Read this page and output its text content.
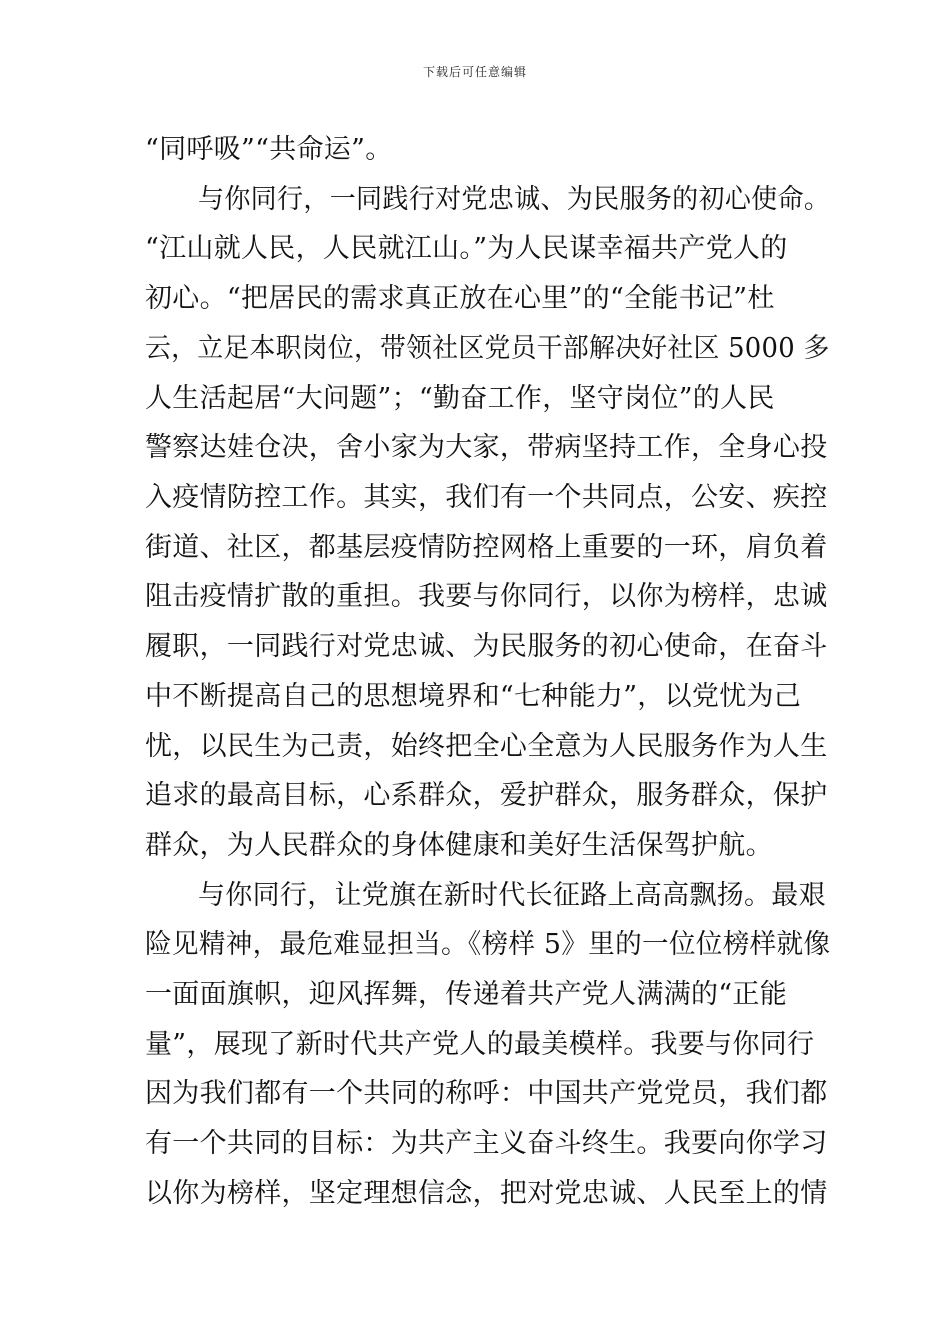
下载后可任意编辑
“同呼吸”“共命运”。
与你同行，一同践行对党忠诚、为民服务的初心使命。
“江山就人民，人民就江山。”为人民谋幸福共产党人的
初心。“把居民的需求真正放在心里”的“全能书记”杜
云，立足本职岗位，带领社区党员干部解决好社区 5000 多
人生活起居“大问题”；“勤奋工作，坚守岗位”的人民
警察达娃仓决，舍小家为大家，带病坚持工作，全身心投
入疫情防控工作。其实，我们有一个共同点，公安、疾控
街道、社区，都基层疫情防控网格上重要的一环，肩负着
阻击疫情扩散的重担。我要与你同行，以你为榜样，忠诚
履职，一同践行对党忠诚、为民服务的初心使命，在奋斗
中不断提高自己的思想境界和“七种能力”，以党忧为己
忧，以民生为己责，始终把全心全意为人民服务作为人生
追求的最高目标，心系群众，爱护群众，服务群众，保护
群众，为人民群众的身体健康和美好生活保驾护航。
与你同行，让党旗在新时代长征路上高高飘扬。最艰
险见精神，最危难显担当。《榜样 5》里的一位位榜样就像
一面面旗帜，迎风挥舞，传递着共产党人满满的“正能
量”，展现了新时代共产党人的最美模样。我要与你同行
因为我们都有一个共同的称呼：中国共产党党员，我们都
有一个共同的目标：为共产主义奋斗终生。我要向你学习
以你为榜样，坚定理想信念，把对党忠诚、人民至上的情
